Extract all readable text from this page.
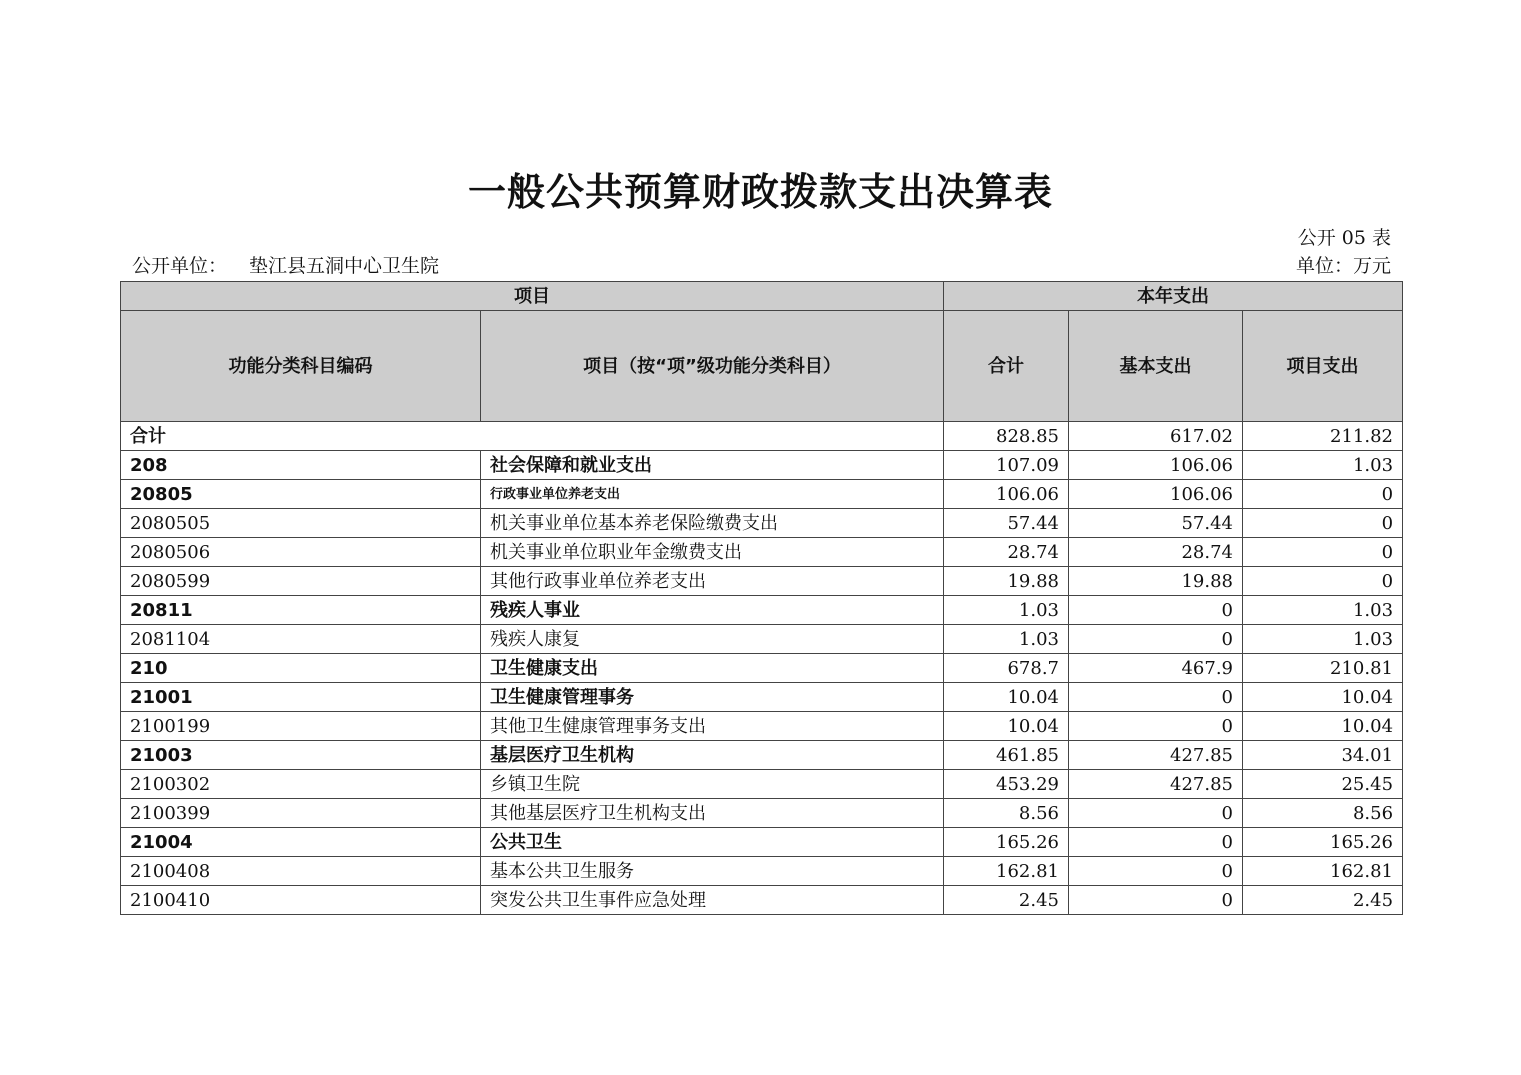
一般公共预算财政拨款支出决算表
公开 05 表
公开单位： 垫江县五洞中心卫生院	单位：万元
项目		本年支出		
功能分类科目编码	项目（按“项”级功能分类科目）	合计	基本支出	项目支出
合计		828.85	617.02	211.82
208	社会保障和就业支出	107.09	106.06	1.03
20805	行政事业单位养老支出	106.06	106.06	0
2080505	机关事业单位基本养老保险缴费支出	57.44	57.44	0
2080506	机关事业单位职业年金缴费支出	28.74	28.74	0
2080599	其他行政事业单位养老支出	19.88	19.88	0
20811	残疾人事业	1.03	0	1.03
2081104	残疾人康复	1.03	0	1.03
210	卫生健康支出	678.7	467.9	210.81
21001	卫生健康管理事务	10.04	0	10.04
2100199	其他卫生健康管理事务支出	10.04	0	10.04
21003	基层医疗卫生机构	461.85	427.85	34.01
2100302	乡镇卫生院	453.29	427.85	25.45
2100399	其他基层医疗卫生机构支出	8.56	0	8.56
21004	公共卫生	165.26	0	165.26
2100408	基本公共卫生服务	162.81	0	162.81
2100410	突发公共卫生事件应急处理	2.45	0	2.45
